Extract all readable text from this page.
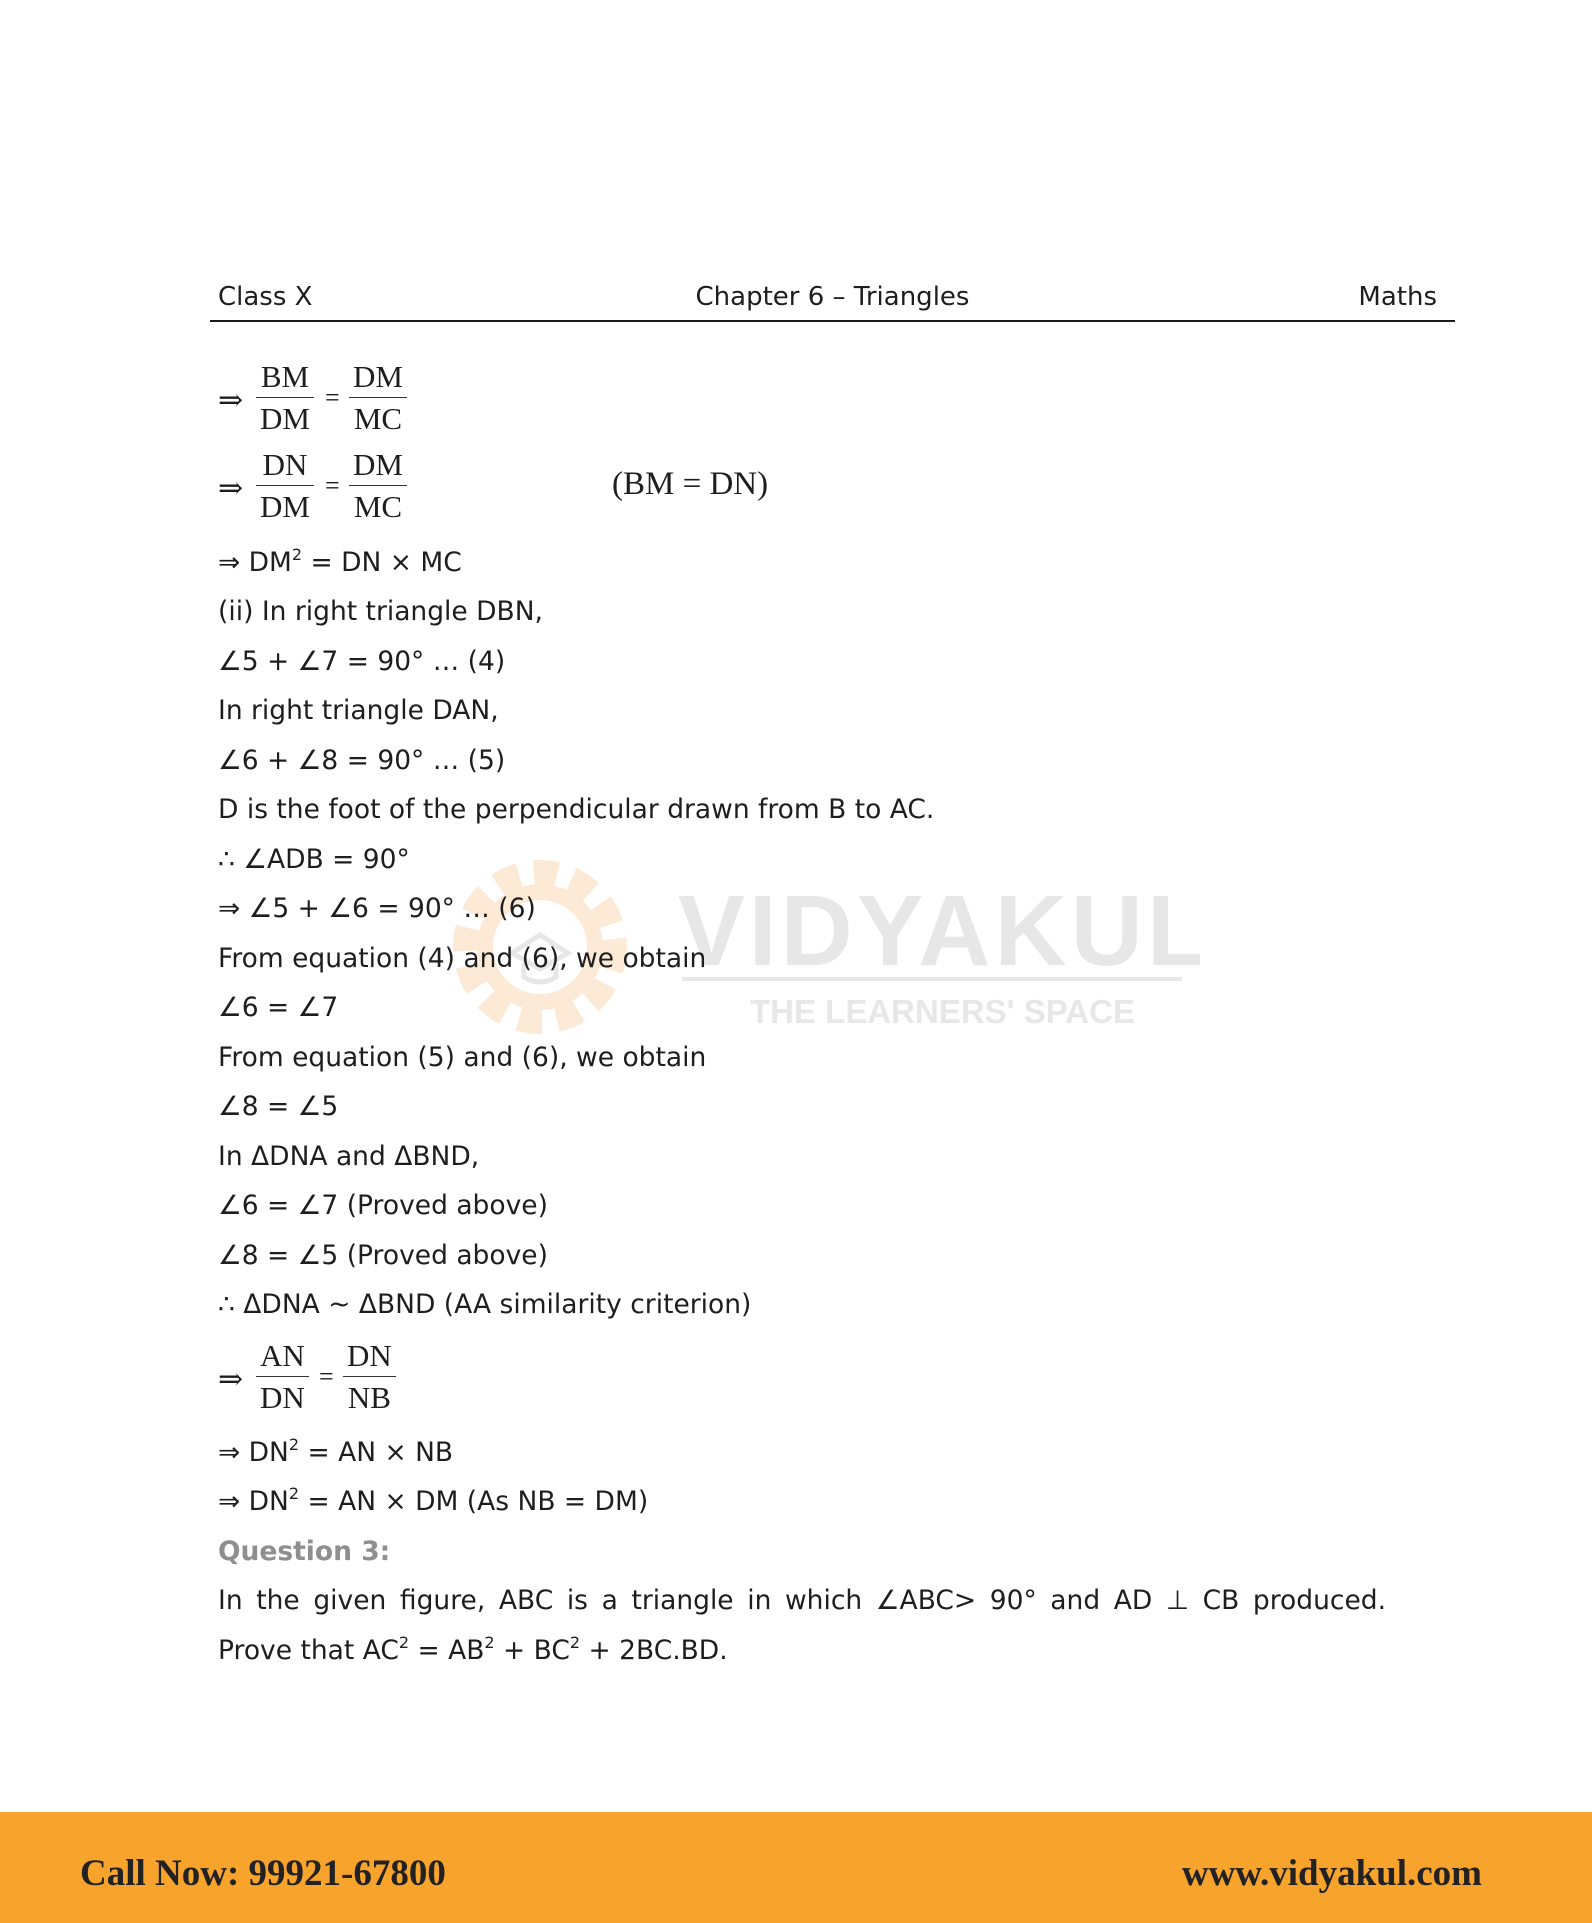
Class X	Chapter 6 – Triangles	Maths
VIDYAKUL
THE LEARNERS' SPACE
⇒ $\frac{BM}{DM} = \frac{DM}{MC}$
⇒ $\frac{DN}{DM} = \frac{DM}{MC}$	(BM = DN)
⇒ $DM^2$ = DN × MC
(ii) In right triangle DBN,
∠5 + ∠7 = 90° … (4)
In right triangle DAN,
∠6 + ∠8 = 90° … (5)
D is the foot of the perpendicular drawn from B to AC.
∴ ∠ADB = 90°
⇒ ∠5 + ∠6 = 90° … (6)
From equation (4) and (6), we obtain
∠6 = ∠7
From equation (5) and (6), we obtain
∠8 = ∠5
In ΔDNA and ΔBND,
∠6 = ∠7 (Proved above)
∠8 = ∠5 (Proved above)
∴ ΔDNA ~ ΔBND (AA similarity criterion)
⇒ $\frac{AN}{DN} = \frac{DN}{NB}$
⇒ $DN^2$ = AN × NB
⇒ $DN^2$ = AN × DM (As NB = DM)
Question 3:
In the given figure, ABC is a triangle in which ∠ABC> 90° and AD ⊥ CB produced.
Prove that $AC^2 = AB^2 + BC^2 + 2BC.BD$.
Call Now: 99921-67800	www.vidyakul.com
